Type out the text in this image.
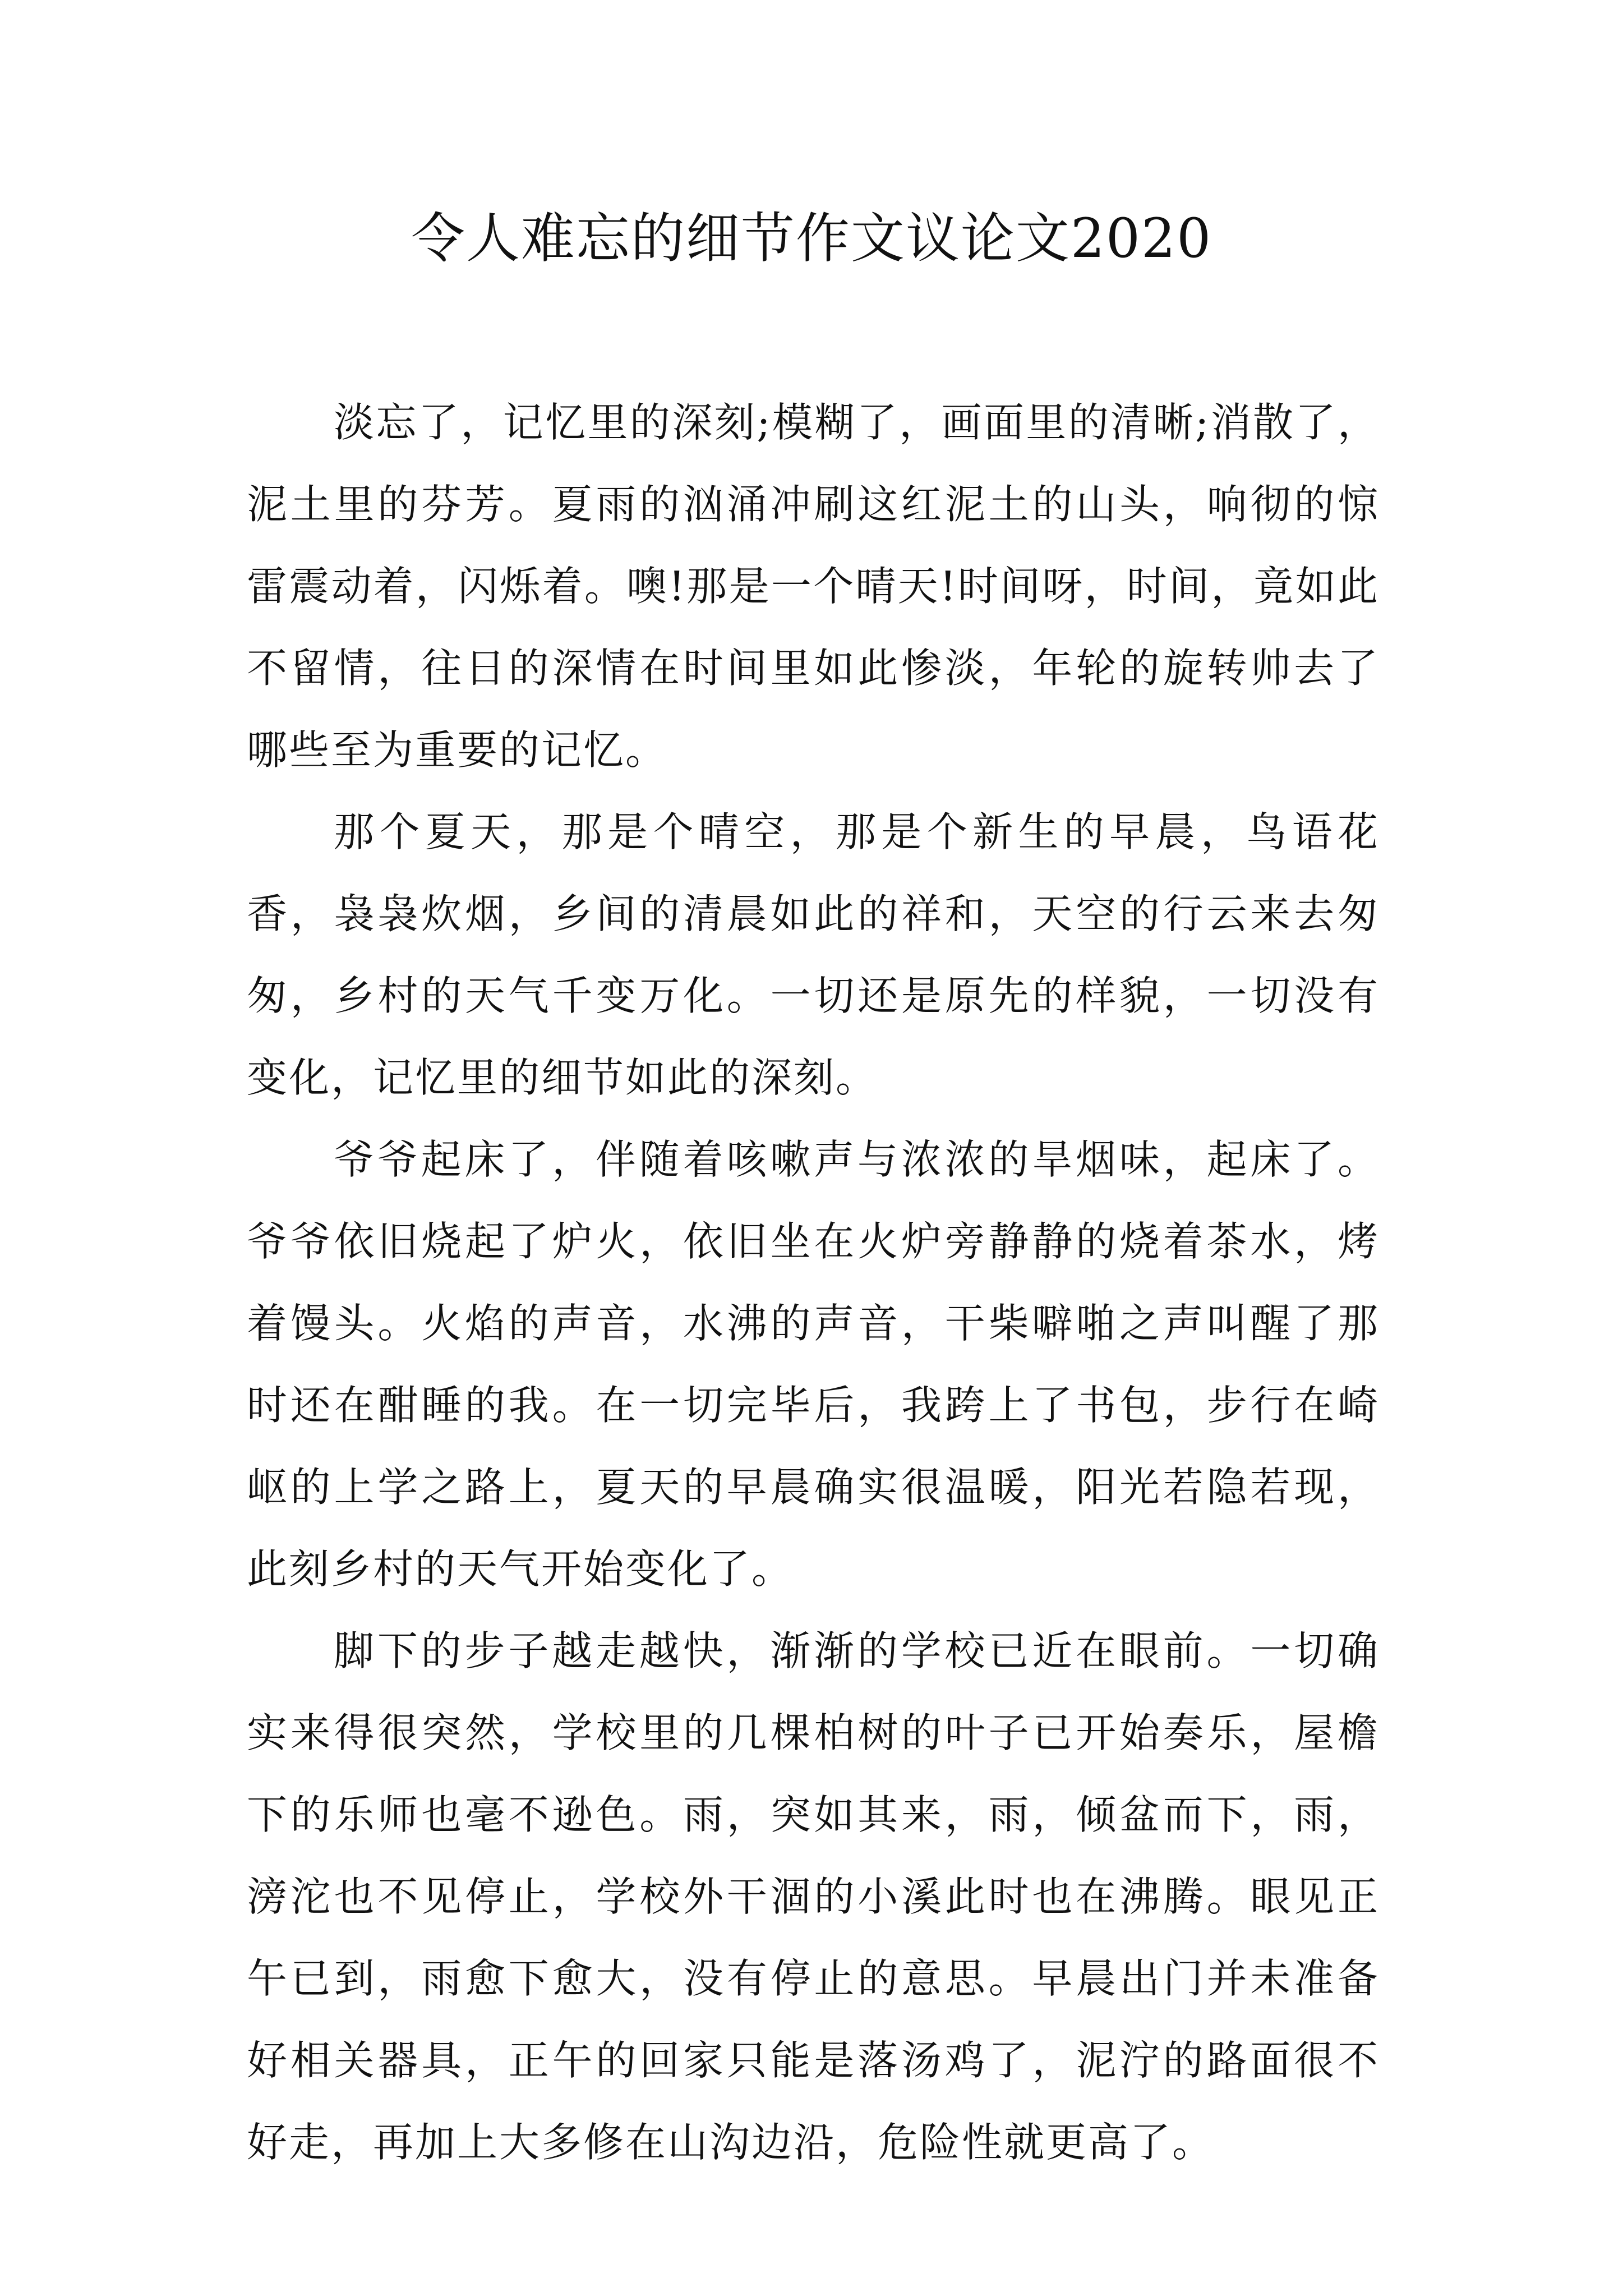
令人难忘的细节作文议论文2020

淡忘了，记忆里的深刻;模糊了，画面里的清晰;消散了，泥土里的芬芳。夏雨的汹涌冲刷这红泥土的山头，响彻的惊雷震动着，闪烁着。噢!那是一个晴天!时间呀，时间，竟如此不留情，往日的深情在时间里如此惨淡，年轮的旋转帅去了哪些至为重要的记忆。

那个夏天，那是个晴空，那是个新生的早晨，鸟语花香，袅袅炊烟，乡间的清晨如此的祥和，天空的行云来去匆匆，乡村的天气千变万化。一切还是原先的样貌，一切没有变化，记忆里的细节如此的深刻。

爷爷起床了，伴随着咳嗽声与浓浓的旱烟味，起床了。爷爷依旧烧起了炉火，依旧坐在火炉旁静静的烧着茶水，烤着馒头。火焰的声音，水沸的声音，干柴噼啪之声叫醒了那时还在酣睡的我。在一切完毕后，我跨上了书包，步行在崎岖的上学之路上，夏天的早晨确实很温暖，阳光若隐若现，此刻乡村的天气开始变化了。

脚下的步子越走越快，渐渐的学校已近在眼前。一切确实来得很突然，学校里的几棵柏树的叶子已开始奏乐，屋檐下的乐师也毫不逊色。雨，突如其来，雨，倾盆而下，雨，滂沱也不见停止，学校外干涸的小溪此时也在沸腾。眼见正午已到，雨愈下愈大，没有停止的意思。早晨出门并未准备好相关器具，正午的回家只能是落汤鸡了，泥泞的路面很不好走，再加上大多修在山沟边沿，危险性就更高了。
